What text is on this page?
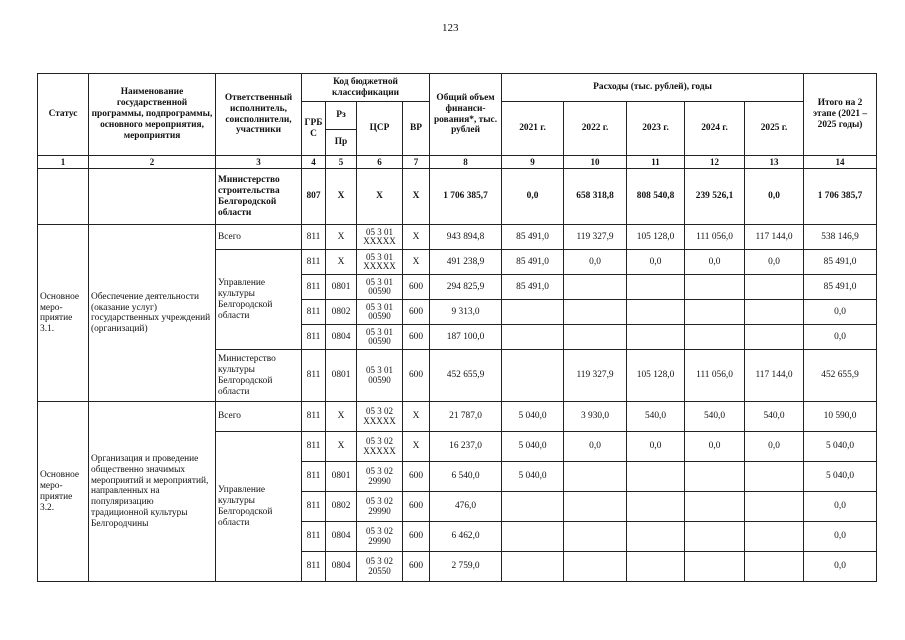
123
Статус	Наименование государственной программы, подпрограммы, основного мероприятия, мероприятия	Ответственный исполнитель, соисполнители, участники	Код бюджетной классификации				Общий объем финанси- рования*, тыс. рублей	Расходы (тыс. рублей), годы					Итого на 2 этапе (2021 – 2025 годы)
			ГРБ С	Рз	ЦСР	ВР		2021 г.	2022 г.	2023 г.	2024 г.	2025 г.	
				Пр									
1	2	3	4	5	6	7	8	9	10	11	12	13	14
		Министерство строительства Белгородской области	807	X	X	X	1 706 385,7	0,0	658 318,8	808 540,8	239 526,1	0,0	1 706 385,7
Основное меро- приятие 3.1.	Обеспечение деятельности (оказание услуг) государственных учреждений (организаций)	Всего	811	X	05 3 01 XXXXX	X	943 894,8	85 491,0	119 327,9	105 128,0	111 056,0	117 144,0	538 146,9
		Управление культуры Белгородской области	811	X	05 3 01 XXXXX	X	491 238,9	85 491,0	0,0	0,0	0,0	0,0	85 491,0
			811	0801	05 3 01 00590	600	294 825,9	85 491,0					85 491,0
			811	0802	05 3 01 00590	600	9 313,0						0,0
			811	0804	05 3 01 00590	600	187 100,0						0,0
		Министерство культуры Белгородской области	811	0801	05 3 01 00590	600	452 655,9		119 327,9	105 128,0	111 056,0	117 144,0	452 655,9
Основное меро- приятие 3.2.	Организация и проведение общественно значимых мероприятий и мероприятий, направленных на популяризацию традиционной культуры Белгородчины	Всего	811	X	05 3 02 XXXXX	X	21 787,0	5 040,0	3 930,0	540,0	540,0	540,0	10 590,0
		Управление культуры Белгородской области	811	X	05 3 02 XXXXX	X	16 237,0	5 040,0	0,0	0,0	0,0	0,0	5 040,0
			811	0801	05 3 02 29990	600	6 540,0	5 040,0					5 040,0
			811	0802	05 3 02 29990	600	476,0						0,0
			811	0804	05 3 02 29990	600	6 462,0						0,0
			811	0804	05 3 02 20550	600	2 759,0						0,0
